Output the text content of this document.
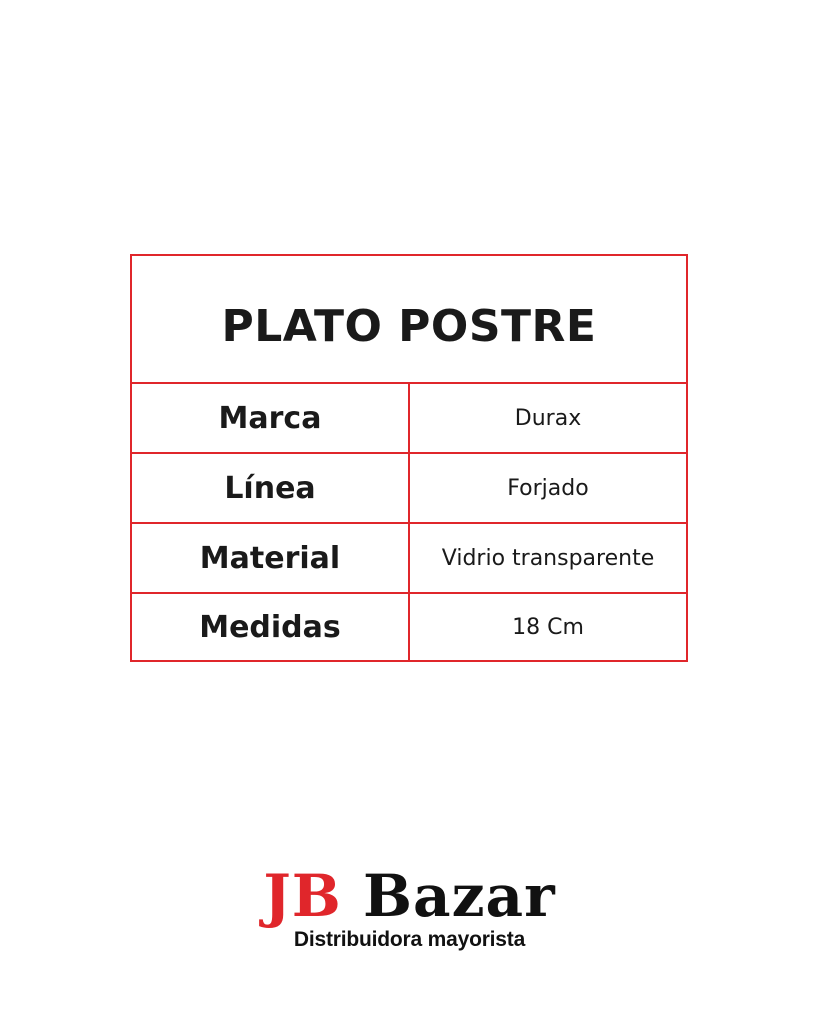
PLATO POSTRE
Marca	Durax
Línea	Forjado
Material	Vidrio transparente
Medidas	18 Cm
JB Bazar
Distribuidora mayorista
